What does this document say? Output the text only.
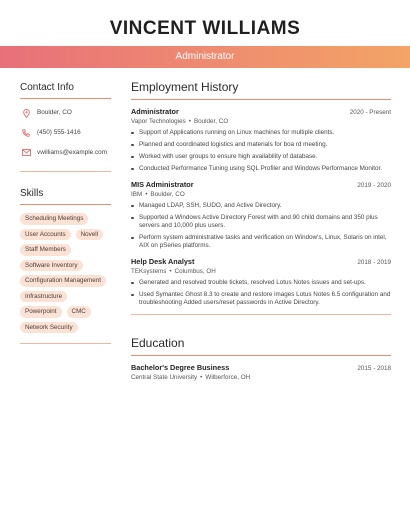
VINCENT WILLIAMS
Administrator
Contact Info
Boulder, CO
(450) 555-1416
vwilliams@example.com
Skills
Scheduling Meetings
User Accounts	Novell
Staff Members
Software Inventory
Configuration Management
Infrastructure
Powerpoint	CMC
Network Security
Employment History
Administrator	2020 - Present
Vapor Technologies • Boulder, CO
Support of Applications running on Linux machines for multiple clients.
Planned and coordinated logistics and materials for boa rd meeting.
Worked with user groups to ensure high availability of database.
Conducted Performance Tuning using SQL Profiler and Windows Performance Monitor.
MIS Administrator	2019 - 2020
IBM • Boulder, CO
Managed LDAP, SSH, SUDO, and Active Directory.
Supported a Windows Active Directory Forest with and 90 child domains and 350 plus servers and 10,000 plus users.
Perform system administrative tasks and verification on Window's, Linux, Solaris on intel, AIX on pSeries platforms.
Help Desk Analyst	2018 - 2019
TEKsystems • Columbus, OH
Generated and resolved trouble tickets, resolved Lotus Notes issues and set-ups.
Used Symantec Ghost 8.3 to create and restore images Lotus Notes 6.5 configuration and troubleshooting Added users/reset passwords in Active Directory.
Education
Bachelor's Degree Business	2015 - 2018
Central State University • Wilberforce, OH
